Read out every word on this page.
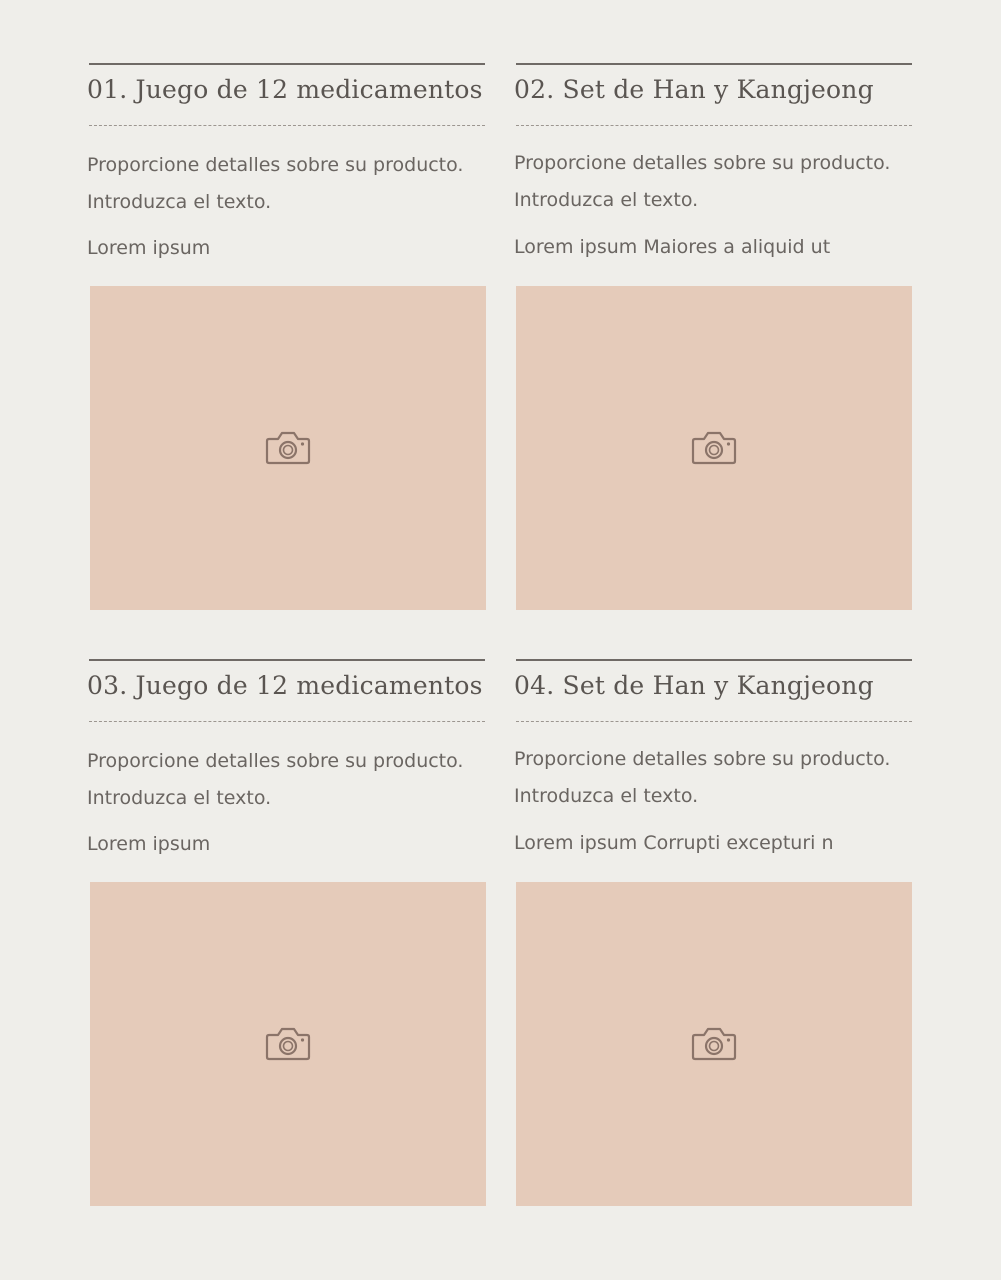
01. Juego de 12 medicamentos
Proporcione detalles sobre su producto.
Introduzca el texto.
Lorem ipsum
02. Set de Han y Kangjeong
Proporcione detalles sobre su producto.
Introduzca el texto.
Lorem ipsum Maiores a aliquid ut
03. Juego de 12 medicamentos
Proporcione detalles sobre su producto.
Introduzca el texto.
Lorem ipsum
04. Set de Han y Kangjeong
Proporcione detalles sobre su producto.
Introduzca el texto.
Lorem ipsum Corrupti excepturi n
